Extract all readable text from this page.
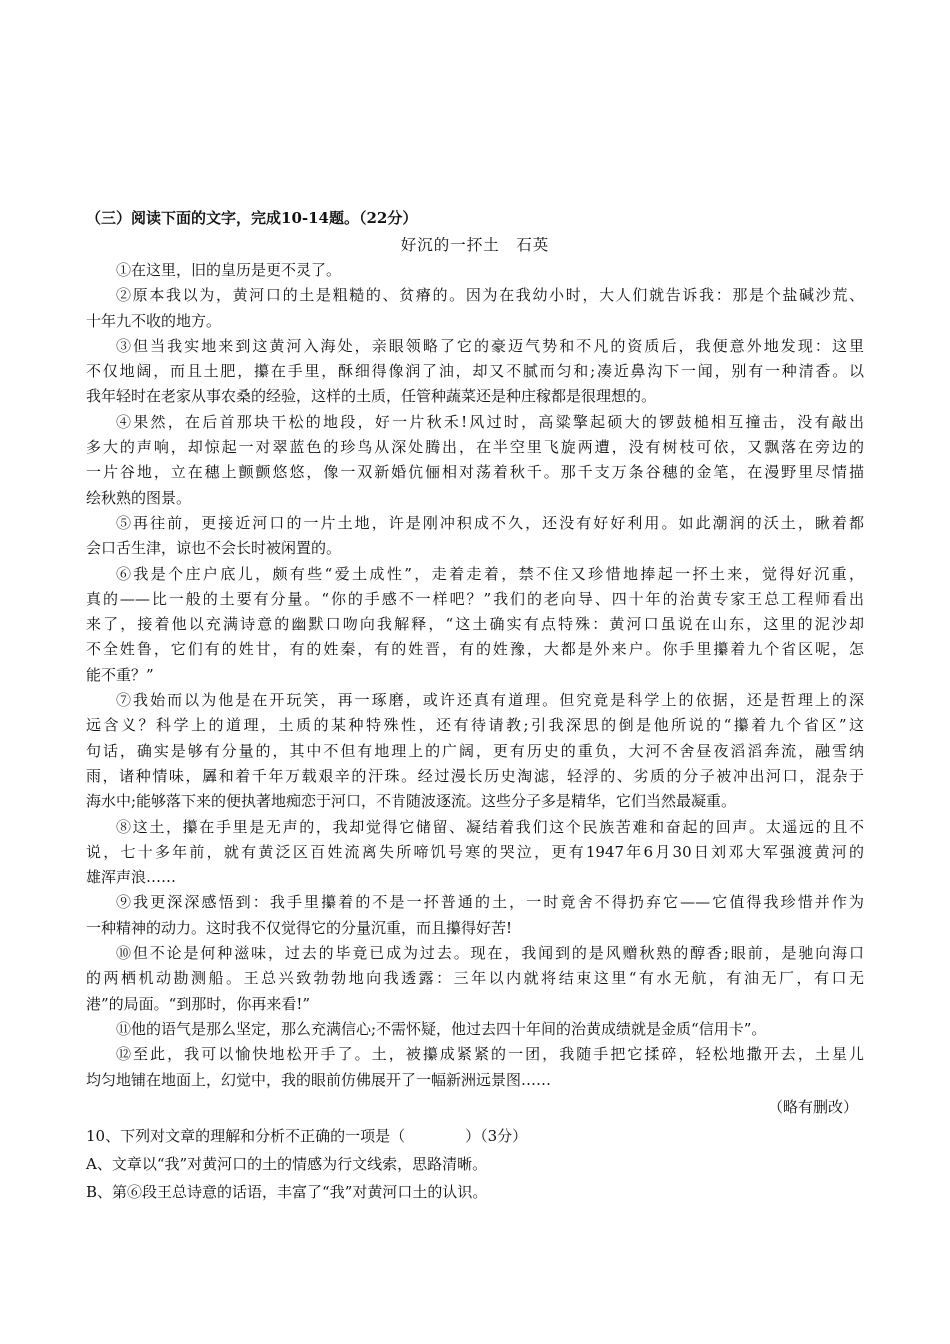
（三）阅读下面的文字，完成10-14题。（22分）
好沉的一抔土　石英
①在这里，旧的皇历是更不灵了。
②原本我以为，黄河口的土是粗糙的、贫瘠的。因为在我幼小时，大人们就告诉我：那是个盐碱沙荒、
十年九不收的地方。
③但当我实地来到这黄河入海处，亲眼领略了它的豪迈气势和不凡的资质后，我便意外地发现：这里
不仅地阔，而且土肥，攥在手里，酥细得像润了油，却又不腻而匀和;凑近鼻沟下一闻，别有一种清香。以
我年轻时在老家从事农桑的经验，这样的土质，任管种蔬菜还是种庄稼都是很理想的。
④果然，在后首那块干松的地段，好一片秋禾!风过时，高粱擎起硕大的锣鼓槌相互撞击，没有敲出
多大的声响，却惊起一对翠蓝色的珍鸟从深处腾出，在半空里飞旋两遭，没有树枝可依，又飘落在旁边的
一片谷地，立在穗上颤颤悠悠，像一双新婚伉俪相对荡着秋千。那千支万条谷穗的金笔，在漫野里尽情描
绘秋熟的图景。
⑤再往前，更接近河口的一片土地，许是刚冲积成不久，还没有好好利用。如此潮润的沃土，瞅着都
会口舌生津，谅也不会长时被闲置的。
⑥我是个庄户底儿，颇有些“爱土成性”，走着走着，禁不住又珍惜地捧起一抔土来，觉得好沉重，
真的——比一般的土要有分量。“你的手感不一样吧？”我们的老向导、四十年的治黄专家王总工程师看出
来了，接着他以充满诗意的幽默口吻向我解释，“这土确实有点特殊：黄河口虽说在山东，这里的泥沙却
不全姓鲁，它们有的姓甘，有的姓秦，有的姓晋，有的姓豫，大都是外来户。你手里攥着九个省区呢，怎
能不重？”
⑦我始而以为他是在开玩笑，再一琢磨，或许还真有道理。但究竟是科学上的依据，还是哲理上的深
远含义？科学上的道理，土质的某种特殊性，还有待请教;引我深思的倒是他所说的“攥着九个省区”这
句话，确实是够有分量的，其中不但有地理上的广阔，更有历史的重负，大河不舍昼夜滔滔奔流，融雪纳
雨，诸种情味，羼和着千年万载艰辛的汗珠。经过漫长历史淘滤，轻浮的、劣质的分子被冲出河口，混杂于
海水中;能够落下来的便执著地痴恋于河口，不肯随波逐流。这些分子多是精华，它们当然最凝重。
⑧这土，攥在手里是无声的，我却觉得它储留、凝结着我们这个民族苦难和奋起的回声。太遥远的且不
说，七十多年前，就有黄泛区百姓流离失所啼饥号寒的哭泣，更有1947年6月30日刘邓大军强渡黄河的
雄浑声浪……
⑨我更深深感悟到：我手里攥着的不是一抔普通的土，一时竟舍不得扔弃它——它值得我珍惜并作为
一种精神的动力。这时我不仅觉得它的分量沉重，而且攥得好苦!
⑩但不论是何种滋味，过去的毕竟已成为过去。现在，我闻到的是风赠秋熟的醇香;眼前，是驰向海口
的两栖机动勘测船。王总兴致勃勃地向我透露：三年以内就将结束这里“有水无航，有油无厂，有口无
港”的局面。“到那时，你再来看!”
⑪他的语气是那么坚定，那么充满信心;不需怀疑，他过去四十年间的治黄成绩就是金质“信用卡”。
⑫至此，我可以愉快地松开手了。土，被攥成紧紧的一团，我随手把它揉碎，轻松地撒开去，土星儿
均匀地铺在地面上，幻觉中，我的眼前仿佛展开了一幅新洲远景图……
（略有删改）
10、下列对文章的理解和分析不正确的一项是（	）（3分）
A、文章以“我”对黄河口的土的情感为行文线索，思路清晰。
B、第⑥段王总诗意的话语，丰富了“我”对黄河口土的认识。
